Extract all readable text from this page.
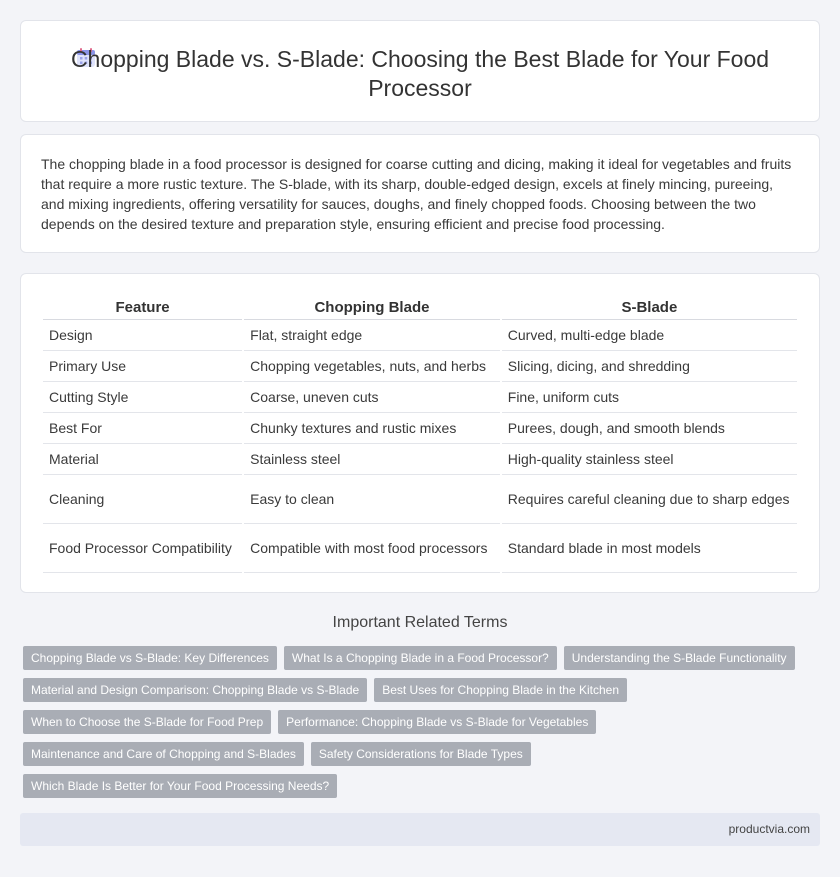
Chopping Blade vs. S-Blade: Choosing the Best Blade for Your Food Processor

The chopping blade in a food processor is designed for coarse cutting and dicing, making it ideal for vegetables and fruits that require a more rustic texture. The S-blade, with its sharp, double-edged design, excels at finely mincing, pureeing, and mixing ingredients, offering versatility for sauces, doughs, and finely chopped foods. Choosing between the two depends on the desired texture and preparation style, ensuring efficient and precise food processing.

Feature	Chopping Blade	S-Blade
Design	Flat, straight edge	Curved, multi-edge blade
Primary Use	Chopping vegetables, nuts, and herbs	Slicing, dicing, and shredding
Cutting Style	Coarse, uneven cuts	Fine, uniform cuts
Best For	Chunky textures and rustic mixes	Purees, dough, and smooth blends
Material	Stainless steel	High-quality stainless steel
Cleaning	Easy to clean	Requires careful cleaning due to sharp edges
Food Processor Compatibility	Compatible with most food processors	Standard blade in most models
Important Related Terms
Chopping Blade vs S-Blade: Key Differences	What Is a Chopping Blade in a Food Processor?	Understanding the S-Blade Functionality
Material and Design Comparison: Chopping Blade vs S-Blade	Best Uses for Chopping Blade in the Kitchen
When to Choose the S-Blade for Food Prep	Performance: Chopping Blade vs S-Blade for Vegetables
Maintenance and Care of Chopping and S-Blades	Safety Considerations for Blade Types
Which Blade Is Better for Your Food Processing Needs?
productvia.com
